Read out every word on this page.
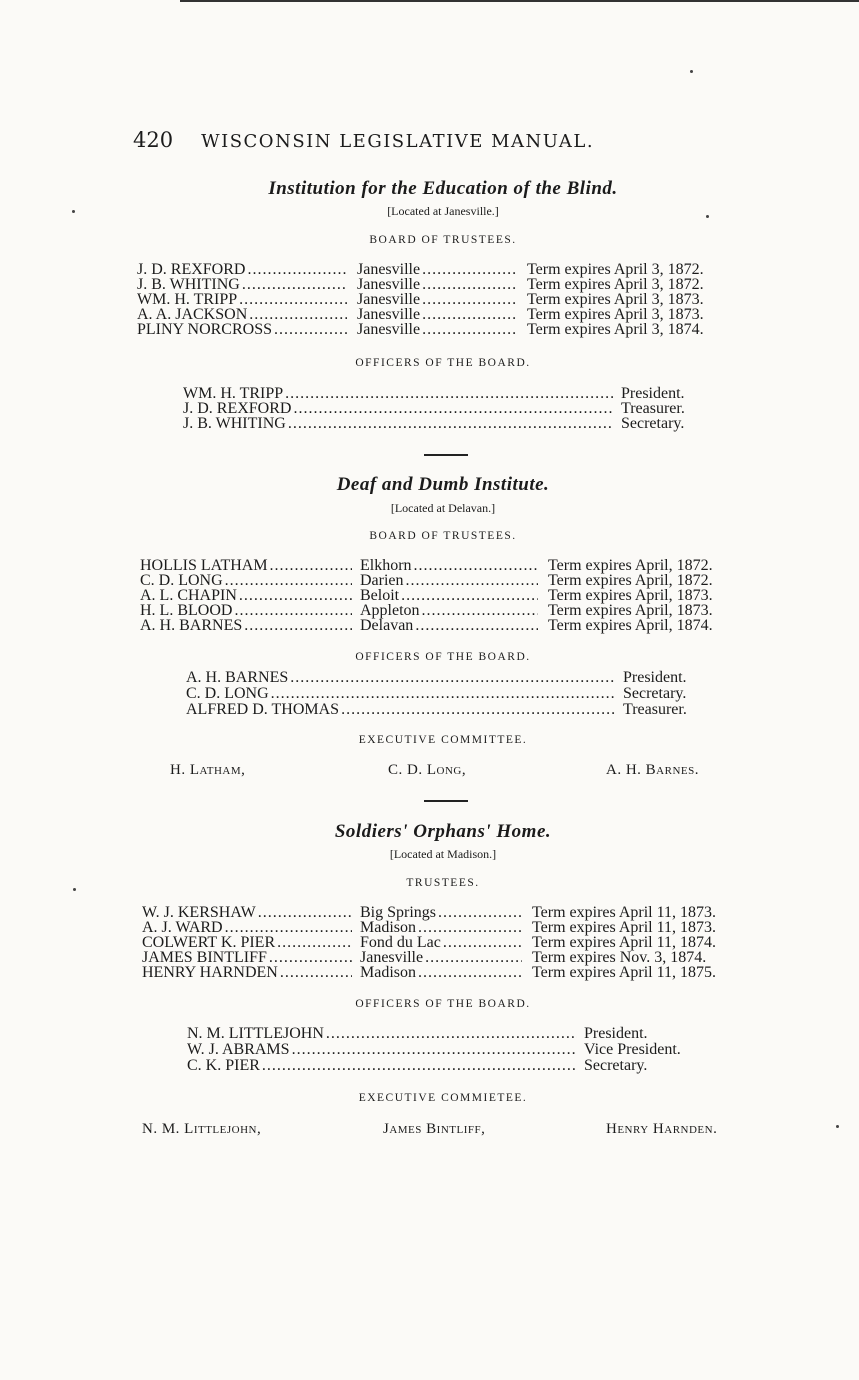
420 WISCONSIN LEGISLATIVE MANUAL.
Institution for the Education of the Blind.
[Located at Janesville.]
BOARD OF TRUSTEES.
J. D. REXFORD .....	Janesville .....	Term expires April 3, 1872.
J. B. WHITING .....	Janesville .....	Term expires April 3, 1872.
WM. H. TRIPP .....	Janesville .....	Term expires April 3, 1873.
A. A. JACKSON .....	Janesville .....	Term expires April 3, 1873.
PLINY NORCROSS .....	Janesville .....	Term expires April 3, 1874.
OFFICERS OF THE BOARD.
WM. H. TRIPP .....	President.
J. D. REXFORD .....	Treasurer.
J. B. WHITING .....	Secretary.
Deaf and Dumb Institute.
[Located at Delavan.]
BOARD OF TRUSTEES.
HOLLIS LATHAM .....	Elkhorn .....	Term expires April, 1872.
C. D. LONG .....	Darien .....	Term expires April, 1872.
A. L. CHAPIN .....	Beloit .....	Term expires April, 1873.
H. L. BLOOD .....	Appleton .....	Term expires April, 1873.
A. H. BARNES .....	Delavan .....	Term expires April, 1874.
OFFICERS OF THE BOARD.
A. H. BARNES .....	President.
C. D. LONG .....	Secretary.
ALFRED D. THOMAS .....	Treasurer.
EXECUTIVE COMMITTEE.
H. Latham,	C. D. Long,	A. H. Barnes.
Soldiers' Orphans' Home.
[Located at Madison.]
TRUSTEES.
W. J. KERSHAW .....	Big Springs .....	Term expires April 11, 1873.
A. J. WARD .....	Madison .....	Term expires April 11, 1873.
COLWERT K. PIER .....	Fond du Lac .....	Term expires April 11, 1874.
JAMES BINTLIFF .....	Janesville .....	Term expires Nov. 3, 1874.
HENRY HARNDEN .....	Madison .....	Term expires April 11, 1875.
OFFICERS OF THE BOARD.
N. M. LITTLEJOHN .....	President.
W. J. ABRAMS .....	Vice President.
C. K. PIER .....	Secretary.
EXECUTIVE COMMIETEE.
N. M. Littlejohn,	James Bintliff,	Henry Harnden.
